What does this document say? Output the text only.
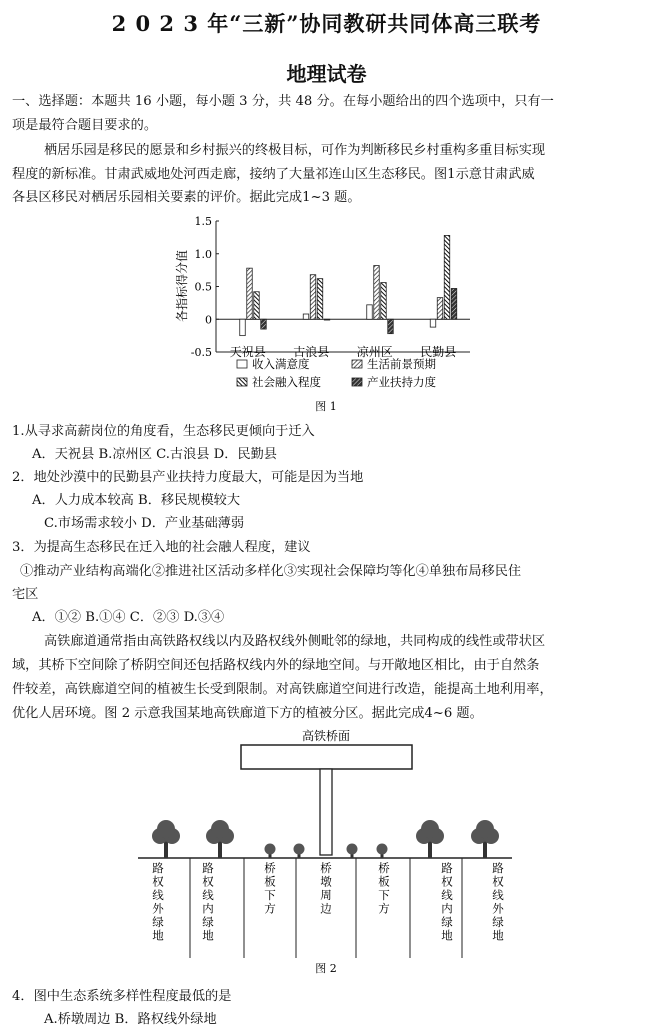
2 0 2 3 年“三新”协同教研共同体高三联考
地理试卷
一、选择题：本题共 16 小题，每小题 3 分，共 48 分。在每小题给出的四个选项中，只有一
项是最符合题目要求的。
栖居乐园是移民的愿景和乡村振兴的终极目标，可作为判断移民乡村重构多重目标实现
程度的新标准。甘肃武威地处河西走廊，接纳了大量祁连山区生态移民。图1示意甘肃武威
各县区移民对栖居乐园相关要素的评价。据此完成1~3 题。
1.5
1.0
0.5
0
-0.5
各指标得分值
天祝县 古浪县 凉州区 民勤县
收入满意度	生活前景预期
社会融入程度	产业扶持力度
图 1
1.从寻求高薪岗位的角度看，生态移民更倾向于迁入
A．天祝县 B.凉州区 C.古浪县 D．民勤县
2．地处沙漠中的民勤县产业扶持力度最大，可能是因为当地
A．人力成本较高 B．移民规模较大
C.市场需求较小 D．产业基础薄弱
3．为提高生态移民在迁入地的社会融人程度，建议
①推动产业结构高端化②推进社区活动多样化③实现社会保障均等化④单独布局移民住
宅区
A．①② B.①④ C．②③ D.③④
高铁廊道通常指由高铁路权线以内及路权线外侧毗邻的绿地，共同构成的线性或带状区
域，其桥下空间除了桥阴空间还包括路权线内外的绿地空间。与开敞地区相比，由于自然条
件较差，高铁廊道空间的植被生长受到限制。对高铁廊道空间进行改造，能提高土地利用率，
优化人居环境。图 2 示意我国某地高铁廊道下方的植被分区。据此完成4~6 题。
高铁桥面
路权线外绿地
路权线内绿地
桥板下方
桥墩周边
桥板下方
路权线内绿地
路权线外绿地
图 2
4．图中生态系统多样性程度最低的是
A.桥墩周边 B．路权线外绿地
